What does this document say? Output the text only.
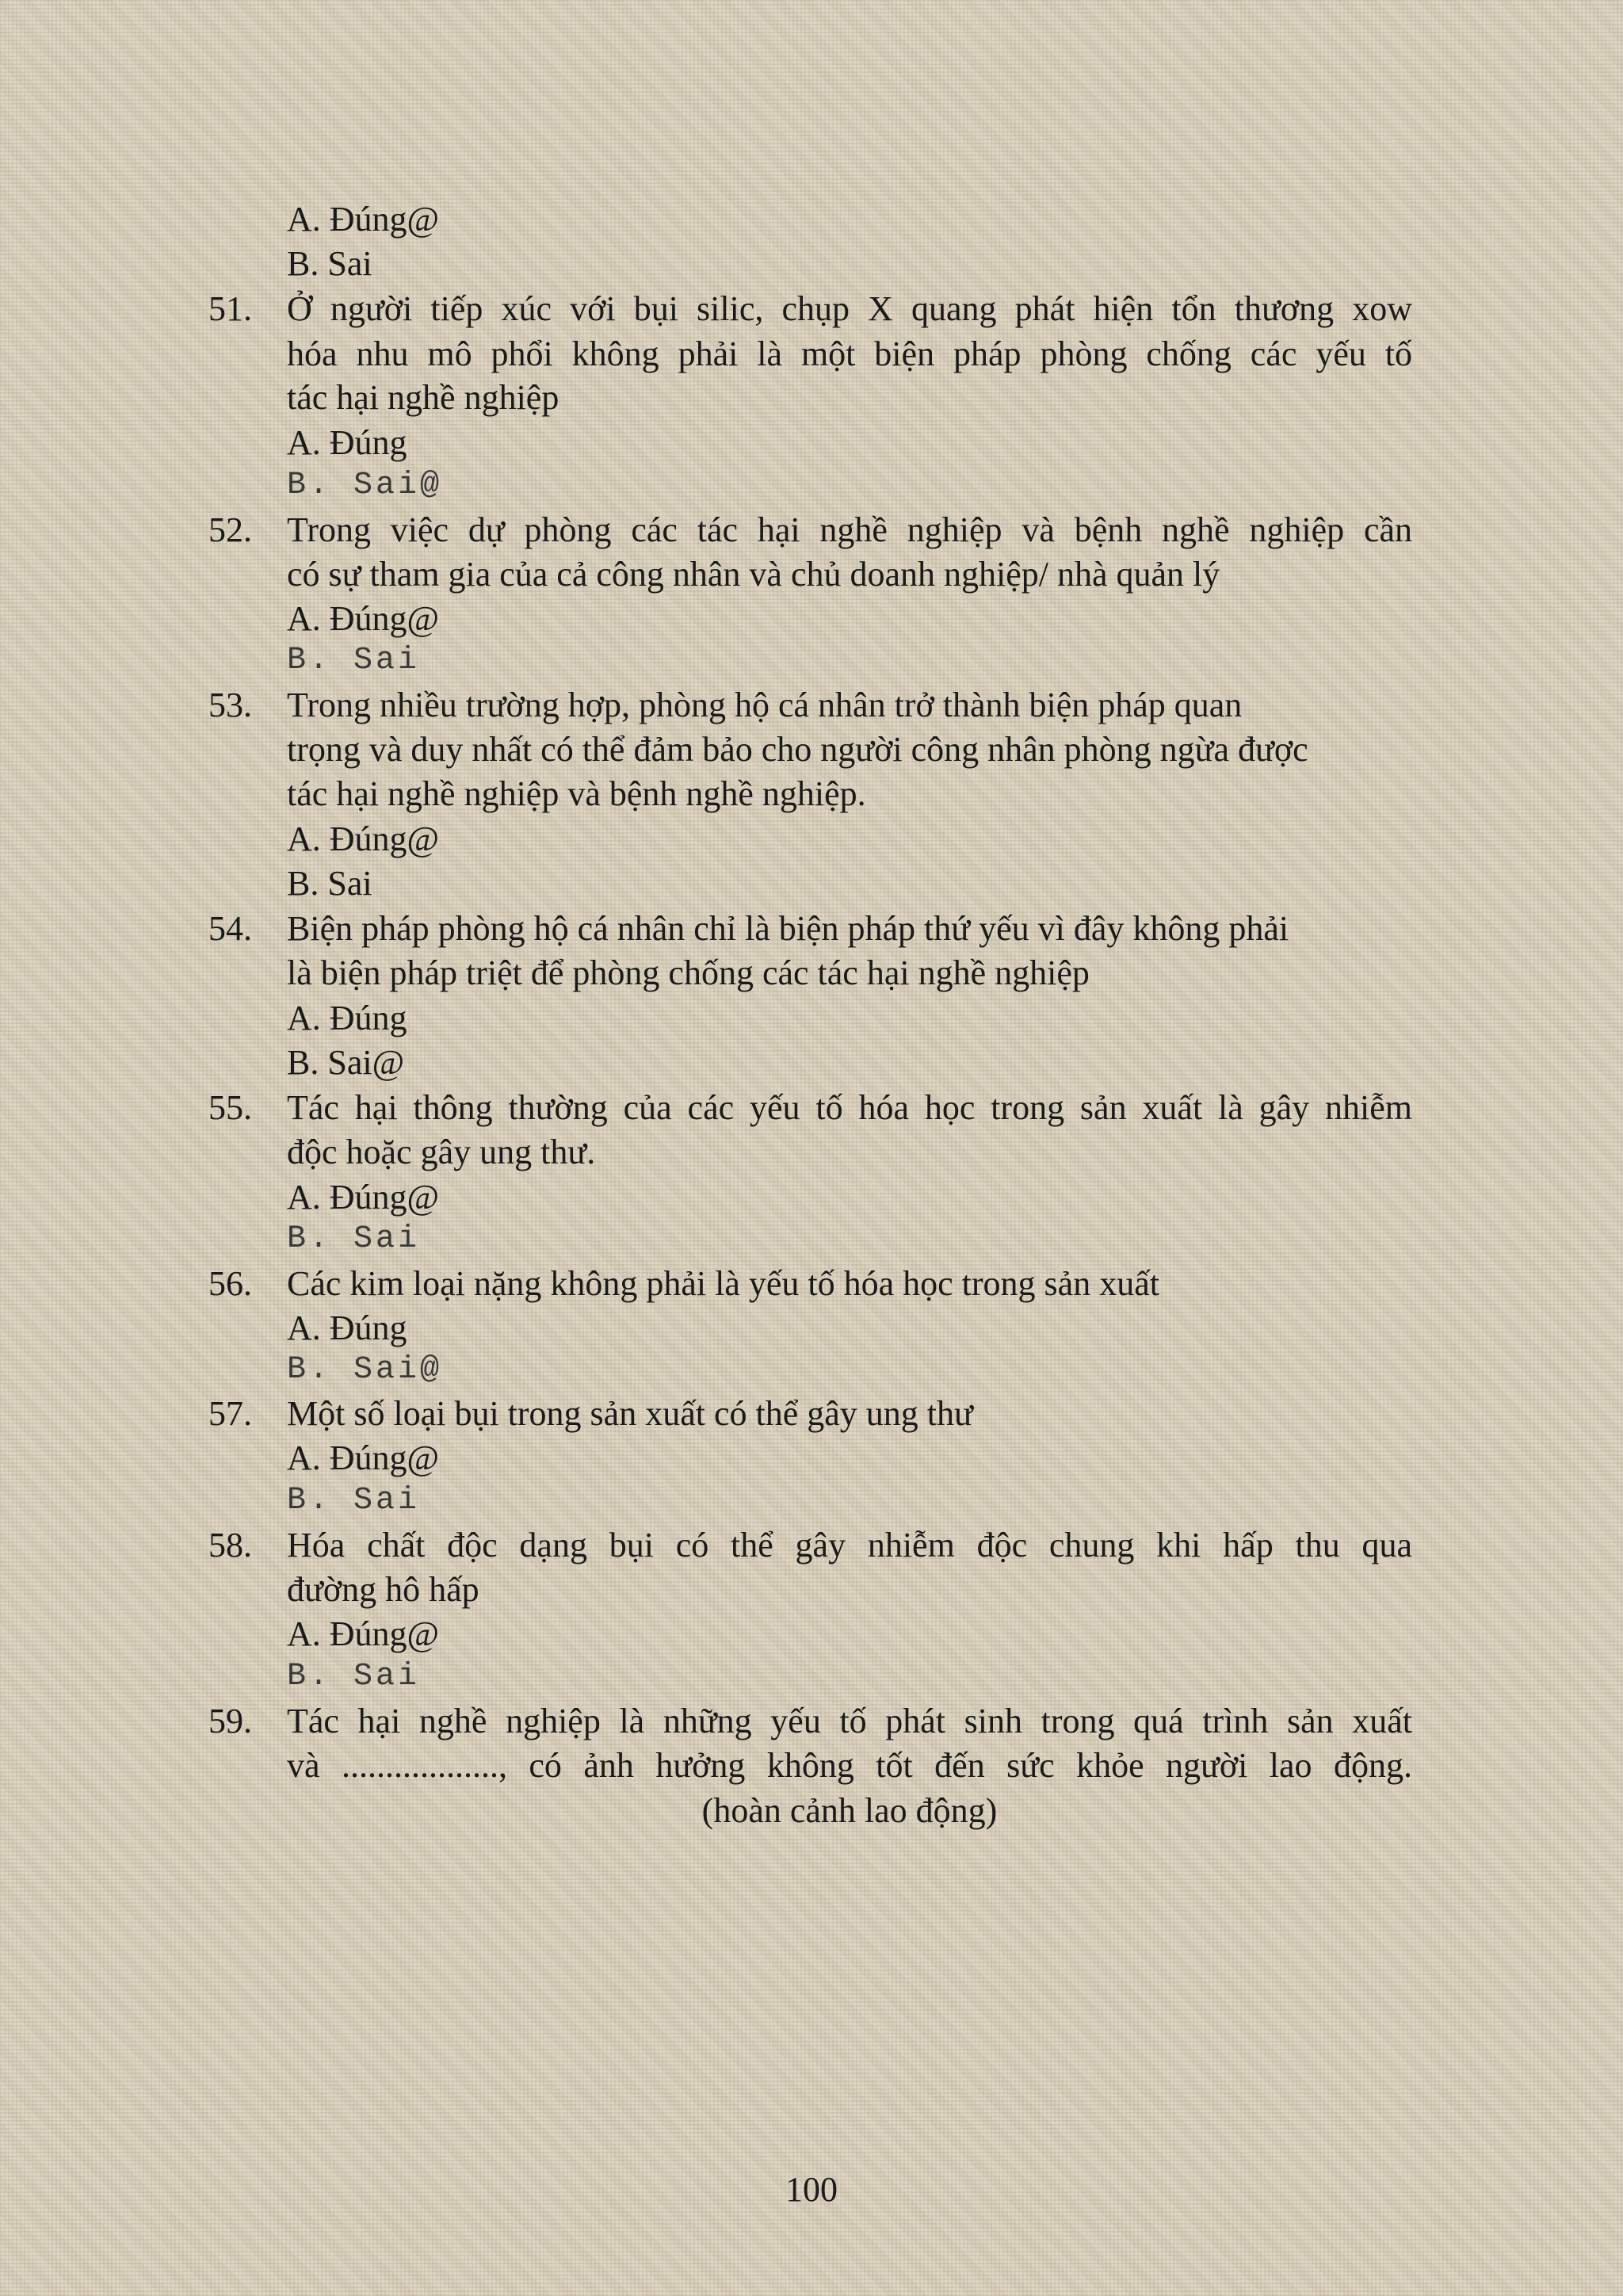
A. Đúng@
B. Sai
51.	Ở người tiếp xúc với bụi silic, chụp X quang phát hiện tổn thương xow
hóa nhu mô phổi không phải là một biện pháp phòng chống các yếu tố
tác hại nghề nghiệp
A. Đúng
B. Sai@
52.	Trong việc dự phòng các tác hại nghề nghiệp và bệnh nghề nghiệp cần
có sự tham gia của cả công nhân và chủ doanh nghiệp/ nhà quản lý
A. Đúng@
B. Sai
53.	Trong nhiều trường hợp, phòng hộ cá nhân trở thành biện pháp quan
trọng và duy nhất có thể đảm bảo cho người công nhân phòng ngừa được
tác hại nghề nghiệp và bệnh nghề nghiệp.
A. Đúng@
B. Sai
54.	Biện pháp phòng hộ cá nhân chỉ là biện pháp thứ yếu vì đây không phải
là biện pháp triệt để phòng chống các tác hại nghề nghiệp
A. Đúng
B. Sai@
55.	Tác hại thông thường của các yếu tố hóa học trong sản xuất là gây nhiễm
độc hoặc gây ung thư.
A. Đúng@
B. Sai
56.	Các kim loại nặng không phải là yếu tố hóa học trong sản xuất
A. Đúng
B. Sai@
57.	Một số loại bụi trong sản xuất có thể gây ung thư
A. Đúng@
B. Sai
58.	Hóa chất độc dạng bụi có thể gây nhiễm độc chung khi hấp thu qua
đường hô hấp
A. Đúng@
B. Sai
59.	Tác hại nghề nghiệp là những yếu tố phát sinh trong quá trình sản xuất
và .................., có ảnh hưởng không tốt đến sức khỏe người lao động.
(hoàn cảnh lao động)
100
